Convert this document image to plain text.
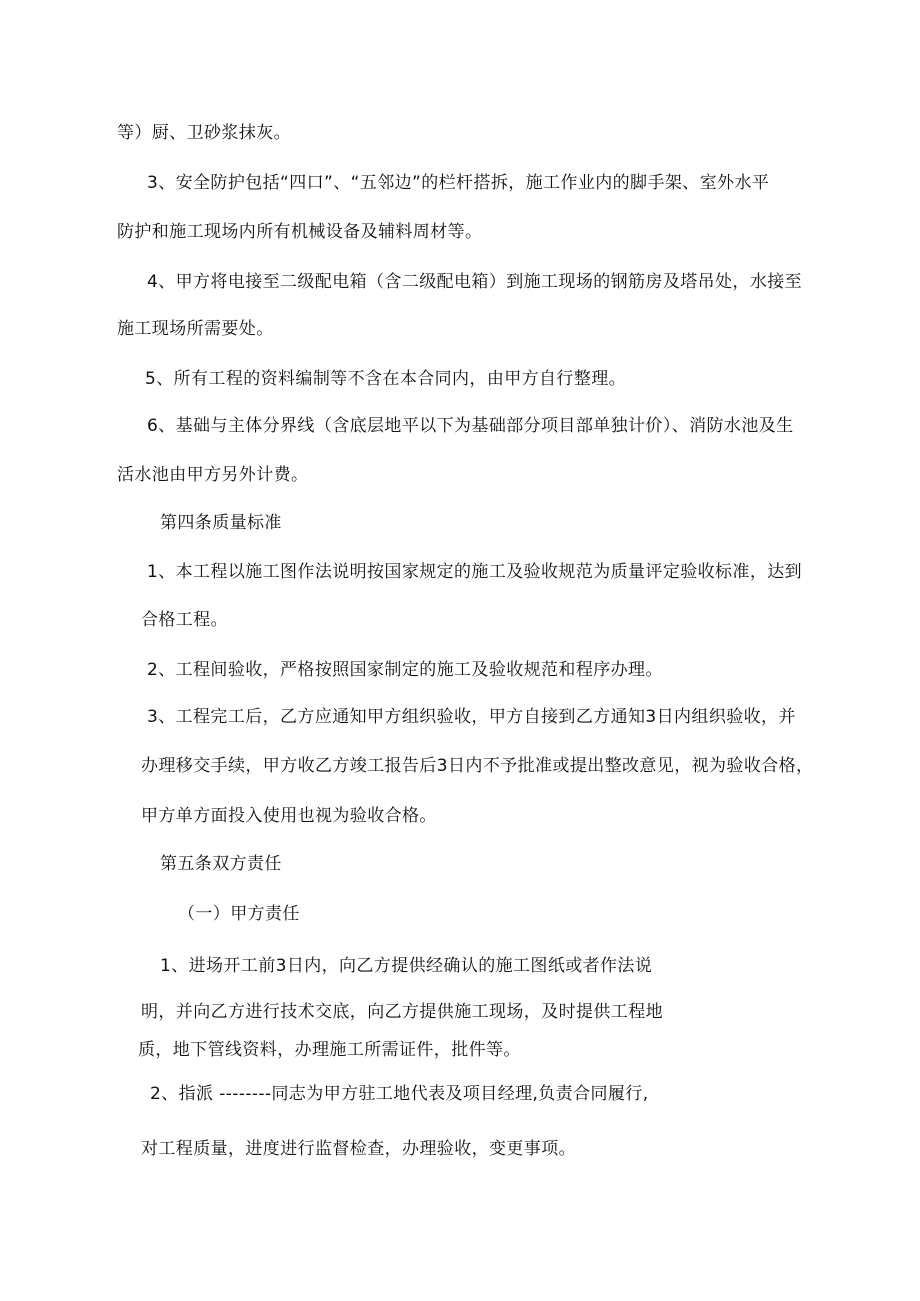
等）厨、卫砂浆抹灰。
3、安全防护包括“四口”、“五邻边”的栏杆搭拆，施工作业内的脚手架、室外水平
防护和施工现场内所有机械设备及辅料周材等。
4、甲方将电接至二级配电箱（含二级配电箱）到施工现场的钢筋房及塔吊处，水接至
施工现场所需要处。
5、所有工程的资料编制等不含在本合同内，由甲方自行整理。
6、基础与主体分界线（含底层地平以下为基础部分项目部单独计价）、消防水池及生
活水池由甲方另外计费。
第四条质量标准
1、本工程以施工图作法说明按国家规定的施工及验收规范为质量评定验收标准，达到
合格工程。
2、工程间验收，严格按照国家制定的施工及验收规范和程序办理。
3、工程完工后，乙方应通知甲方组织验收，甲方自接到乙方通知3日内组织验收，并
办理移交手续，甲方收乙方竣工报告后3日内不予批准或提出整改意见，视为验收合格，
甲方单方面投入使用也视为验收合格。
第五条双方责任
（一）甲方责任
1、进场开工前3日内，向乙方提供经确认的施工图纸或者作法说
明，并向乙方进行技术交底，向乙方提供施工现场，及时提供工程地
质，地下管线资料，办理施工所需证件，批件等。
2、指派 --------同志为甲方驻工地代表及项目经理,负责合同履行,
对工程质量，进度进行监督检查，办理验收，变更事项。
